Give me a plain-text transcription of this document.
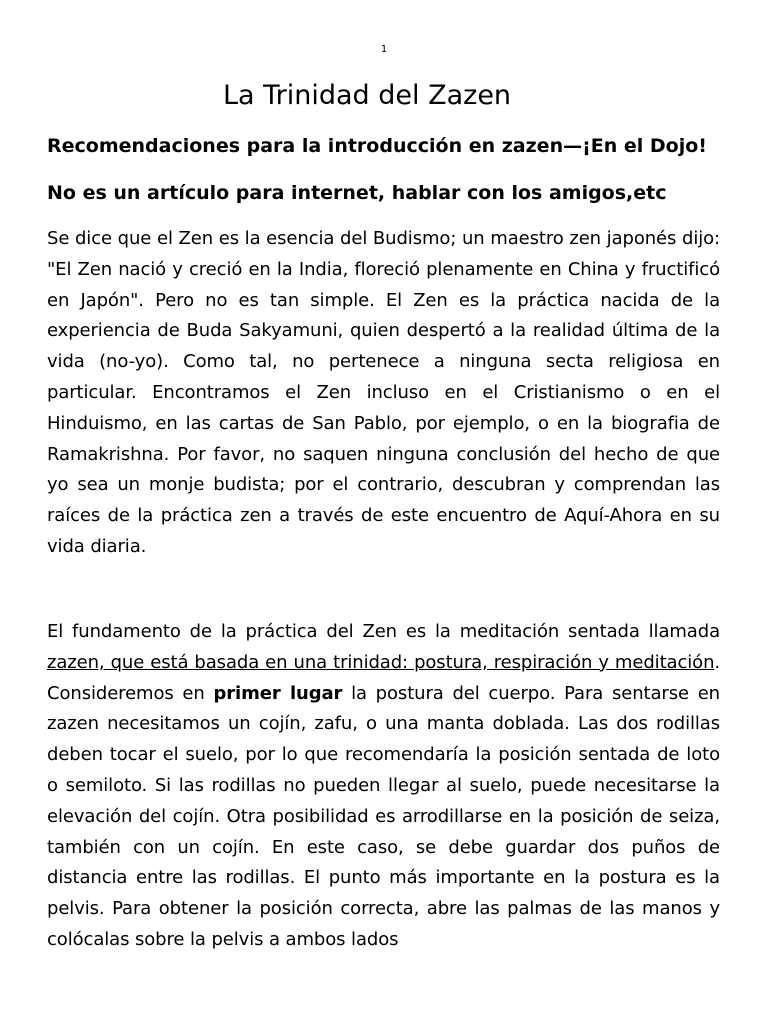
1
La Trinidad del Zazen
Recomendaciones para la introducción en zazen—¡En el Dojo!
No es un artículo para internet, hablar con los amigos,etc

Se dice que el Zen es la esencia del Budismo; un maestro zen japonés dijo: "El Zen nació y creció en la India, floreció plenamente en China y fructificó en Japón". Pero no es tan simple. El Zen es la práctica nacida de la experiencia de Buda Sakyamuni, quien despertó a la realidad última de la vida (no-yo). Como tal, no pertenece a ninguna secta religiosa en particular. Encontramos el Zen incluso en el Cristianismo o en el Hinduismo, en las cartas de San Pablo, por ejemplo, o en la biografia de Ramakrishna. Por favor, no saquen ninguna conclusión del hecho de que yo sea un monje budista; por el contrario, descubran y comprendan las raíces de la práctica zen a través de este encuentro de Aquí-Ahora en su vida diaria.

El fundamento de la práctica del Zen es la meditación sentada llamada zazen, que está basada en una trinidad: postura, respiración y meditación. Consideremos en primer lugar la postura del cuerpo. Para sentarse en zazen necesitamos un cojín, zafu, o una manta doblada. Las dos rodillas deben tocar el suelo, por lo que recomendaría la posición sentada de loto o semiloto. Si las rodillas no pueden llegar al suelo, puede necesitarse la elevación del cojín. Otra posibilidad es arrodillarse en la posición de seiza, también con un cojín. En este caso, se debe guardar dos puños de distancia entre las rodillas. El punto más importante en la postura es la pelvis. Para obtener la posición correcta, abre las palmas de las manos y colócalas sobre la pelvis a ambos lados
